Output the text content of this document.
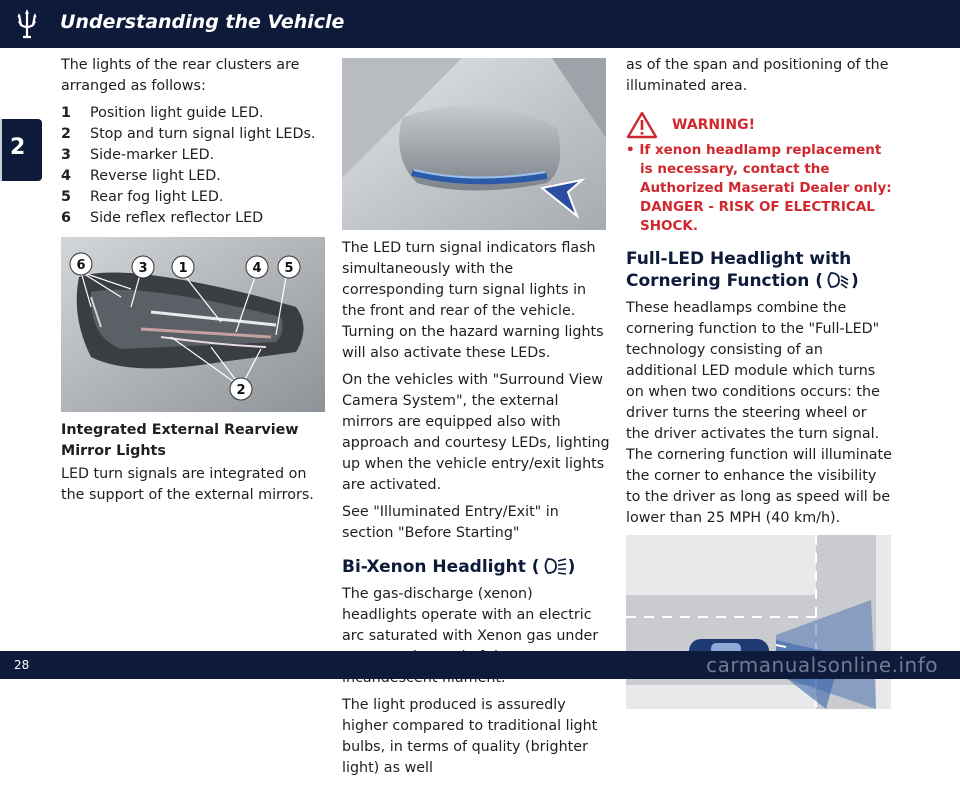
Understanding the Vehicle
2

The lights of the rear clusters are arranged as follows:

1 Position light guide LED.
2 Stop and turn signal light LEDs.
3 Side-marker LED.
4 Reverse light LED.
5 Rear fog light LED.
6 Side reflex reflector LED
6	3 1	4 5
2
Integrated External Rearview Mirror Lights

LED turn signals are integrated on the support of the external mirrors.

The LED turn signal indicators flash simultaneously with the corresponding turn signal lights in the front and rear of the vehicle. Turning on the hazard warning lights will also activate these LEDs.

On the vehicles with "Surround View Camera System", the external mirrors are equipped also with approach and courtesy LEDs, lighting up when the vehicle entry/exit lights are activated.

See "Illuminated Entry/Exit" in section "Before Starting"

Bi-Xenon Headlight ( )

The gas-discharge (xenon) headlights operate with an electric arc saturated with Xenon gas under

The light produced is assuredly higher compared to traditional light bulbs, in terms of quality (brighter light) as well

as of the span and positioning of the illuminated area.

WARNING!

• If xenon headlamp replacement is necessary, contact the Authorized Maserati Dealer only: DANGER - RISK OF ELECTRICAL SHOCK.

Full-LED Headlight with
Cornering Function ( )

These headlamps combine the cornering function to the "Full-LED" technology consisting of an additional LED module which turns on when two conditions occurs: the driver turns the steering wheel or the driver activates the turn signal. The cornering function will illuminate the corner to enhance the visibility to the driver as long as speed will be lower than 25 MPH (40 km/h).

28	carmanualsonline.info
